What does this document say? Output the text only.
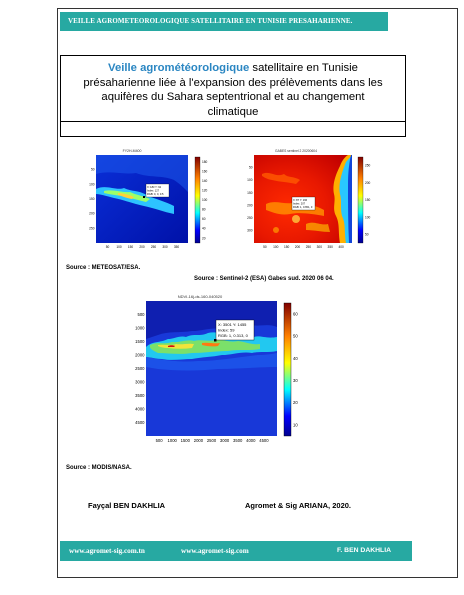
VEILLE AGROMETEOROLOGIQUE SATELLITAIRE EN TUNISIE PRESAHARIENNE.
Veille agrométéorologique satellitaire en Tunisie
présaharienne liée à l'expansion des prélèvements dans les
aquifères du Sahara septentrional et au changement
climatique
FY2H-M400
X: 183 Y: 62
Index: 127
RGB: 0, 0, 0.5
50 100 150 200 250 300 350
50
100
150
200
250
180
160
140
120
100
80
60
40
20
GABES sentinel 2 20200604
X: 87 Y: 166
Index: 207
RGB: 1, 0.651, 0
50 100 150 200 250 300 350 400
50
100
150
200
250
300
250
200
150
100
50
Source : METEOSAT/ESA.
Source : Sentinel-2 (ESA) Gabes sud. 2020 06 04.
NDVI-16j-ds-160-040520
X: 3501 Y: 1455
Index: 59
RGB: 1, 0.313, 0
500 1000 1500 2000 2500 3000 3500 4000 4500
500
1000
1500
2000
2500
3000
3500
4000
4500
60
50
40
30
20
10
Source : MODIS/NASA.
Fayçal BEN DAKHLIA	Agromet & Sig ARIANA, 2020.
www.agromet-sig.com.tn	www.agromet-sig.com	F. BEN DAKHLIA
